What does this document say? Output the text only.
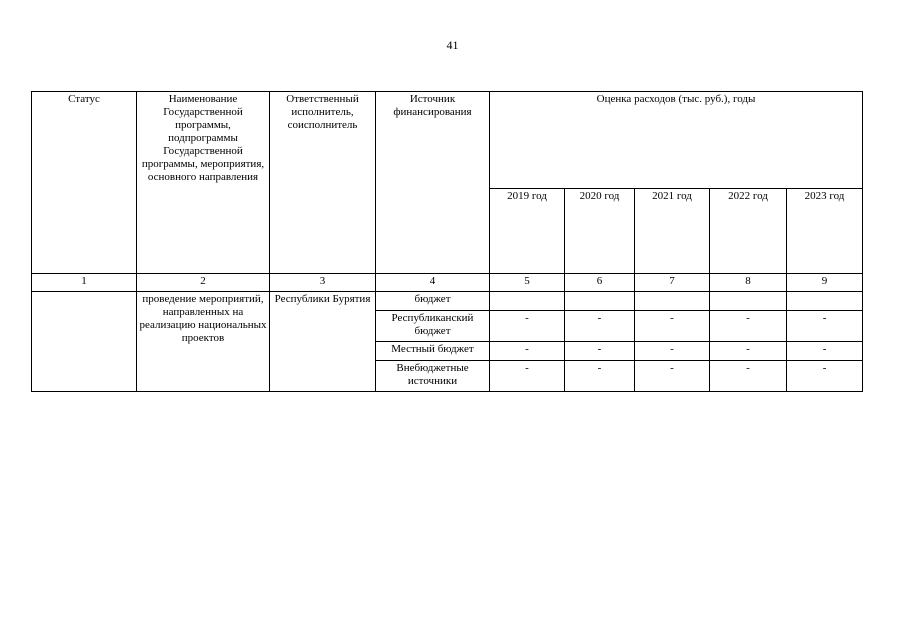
41
Статус	Наименование Государственной программы, подпрограммы Государственной программы, мероприятия, основного направления	Ответственный исполнитель, соисполнитель	Источник финансирования	Оценка расходов (тыс. руб.), годы				
				2019 год	2020 год	2021 год	2022 год	2023 год
1	2	3	4	5	6	7	8	9
	проведение мероприятий, направленных на реализацию национальных проектов	Республики Бурятия	бюджет					
			Республиканский бюджет	-	-	-	-	-
			Местный бюджет	-	-	-	-	-
			Внебюджетные источники	-	-	-	-	-
